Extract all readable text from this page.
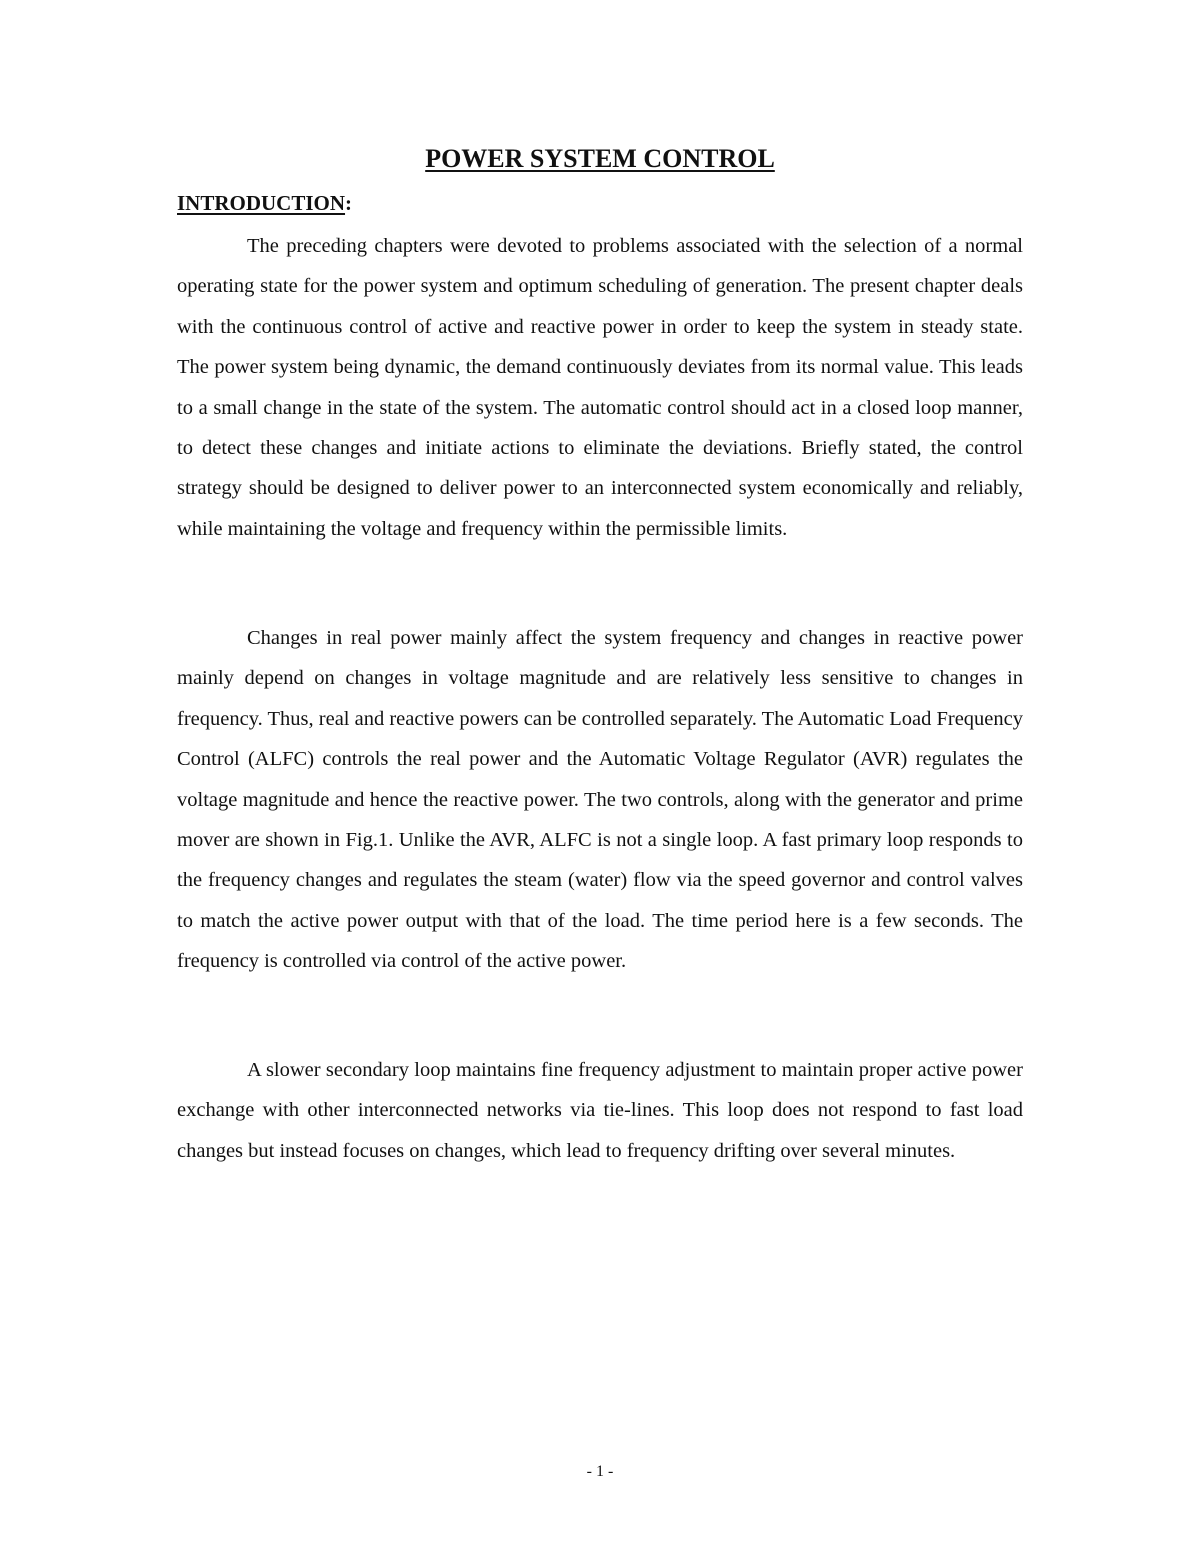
POWER SYSTEM CONTROL
INTRODUCTION:

The preceding chapters were devoted to problems associated with the selection of a normal operating state for the power system and optimum scheduling of generation. The present chapter deals with the continuous control of active and reactive power in order to keep the system in steady state. The power system being dynamic, the demand continuously deviates from its normal value. This leads to a small change in the state of the system. The automatic control should act in a closed loop manner, to detect these changes and initiate actions to eliminate the deviations. Briefly stated, the control strategy should be designed to deliver power to an interconnected system economically and reliably, while maintaining the voltage and frequency within the permissible limits.

Changes in real power mainly affect the system frequency and changes in reactive power mainly depend on changes in voltage magnitude and are relatively less sensitive to changes in frequency. Thus, real and reactive powers can be controlled separately. The Automatic Load Frequency Control (ALFC) controls the real power and the Automatic Voltage Regulator (AVR) regulates the voltage magnitude and hence the reactive power. The two controls, along with the generator and prime mover are shown in Fig.1. Unlike the AVR, ALFC is not a single loop. A fast primary loop responds to the frequency changes and regulates the steam (water) flow via the speed governor and control valves to match the active power output with that of the load. The time period here is a few seconds. The frequency is controlled via control of the active power.

A slower secondary loop maintains fine frequency adjustment to maintain proper active power exchange with other interconnected networks via tie-lines. This loop does not respond to fast load changes but instead focuses on changes, which lead to frequency drifting over several minutes.

- 1 -
